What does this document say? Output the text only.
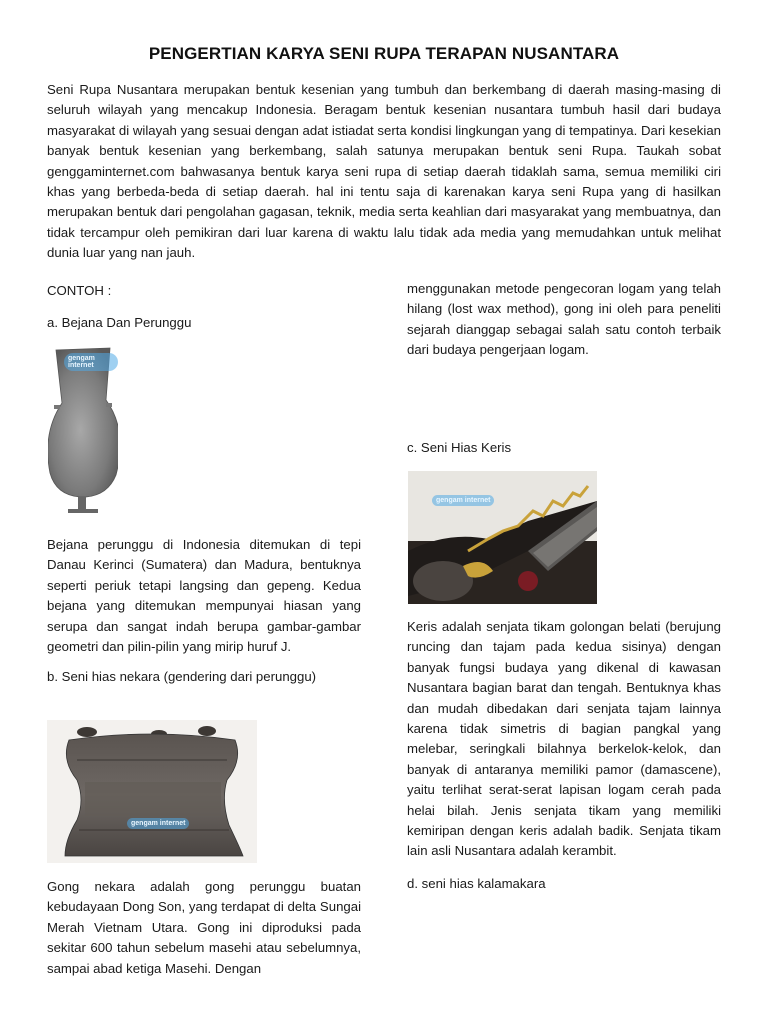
PENGERTIAN KARYA SENI RUPA TERAPAN NUSANTARA

Seni Rupa Nusantara merupakan bentuk kesenian yang tumbuh dan berkembang di daerah masing-masing di seluruh wilayah yang mencakup Indonesia. Beragam bentuk kesenian nusantara tumbuh hasil dari budaya masyarakat di wilayah yang sesuai dengan adat istiadat serta kondisi lingkungan yang di tempatinya. Dari kesekian banyak bentuk kesenian yang berkembang, salah satunya merupakan bentuk seni Rupa. Taukah sobat genggaminternet.com bahwasanya bentuk karya seni rupa di setiap daerah tidaklah sama, semua memiliki ciri khas yang berbeda-beda di setiap daerah. hal ini tentu saja di karenakan karya seni Rupa yang di hasilkan merupakan bentuk dari pengolahan gagasan, teknik, media serta keahlian dari masyarakat yang membuatnya, dan tidak tercampur oleh pemikiran dari luar karena di waktu lalu tidak ada media yang memudahkan untuk melihat dunia luar yang nan jauh.

CONTOH :

a. Bejana Dan Perunggu

gengam internet

Bejana perunggu di Indonesia ditemukan di tepi Danau Kerinci (Sumatera) dan Madura, bentuknya seperti periuk tetapi langsing dan gepeng. Kedua bejana yang ditemukan mempunyai hiasan yang serupa dan sangat indah berupa gambar-gambar geometri dan pilin-pilin yang mirip huruf J.

b. Seni hias nekara (gendering dari perunggu)

gengam internet

Gong nekara adalah gong perunggu buatan kebudayaan Dong Son, yang terdapat di delta Sungai Merah Vietnam Utara. Gong ini diproduksi pada sekitar 600 tahun sebelum masehi atau sebelumnya, sampai abad ketiga Masehi. Dengan

menggunakan metode pengecoran logam yang telah hilang (lost wax method), gong ini oleh para peneliti sejarah dianggap sebagai salah satu contoh terbaik dari budaya pengerjaan logam.

c. Seni Hias Keris

gengam internet

Keris adalah senjata tikam golongan belati (berujung runcing dan tajam pada kedua sisinya) dengan banyak fungsi budaya yang dikenal di kawasan Nusantara bagian barat dan tengah. Bentuknya khas dan mudah dibedakan dari senjata tajam lainnya karena tidak simetris di bagian pangkal yang melebar, seringkali bilahnya berkelok-kelok, dan banyak di antaranya memiliki pamor (damascene), yaitu terlihat serat-serat lapisan logam cerah pada helai bilah. Jenis senjata tikam yang memiliki kemiripan dengan keris adalah badik. Senjata tikam lain asli Nusantara adalah kerambit.

d. seni hias kalamakara
